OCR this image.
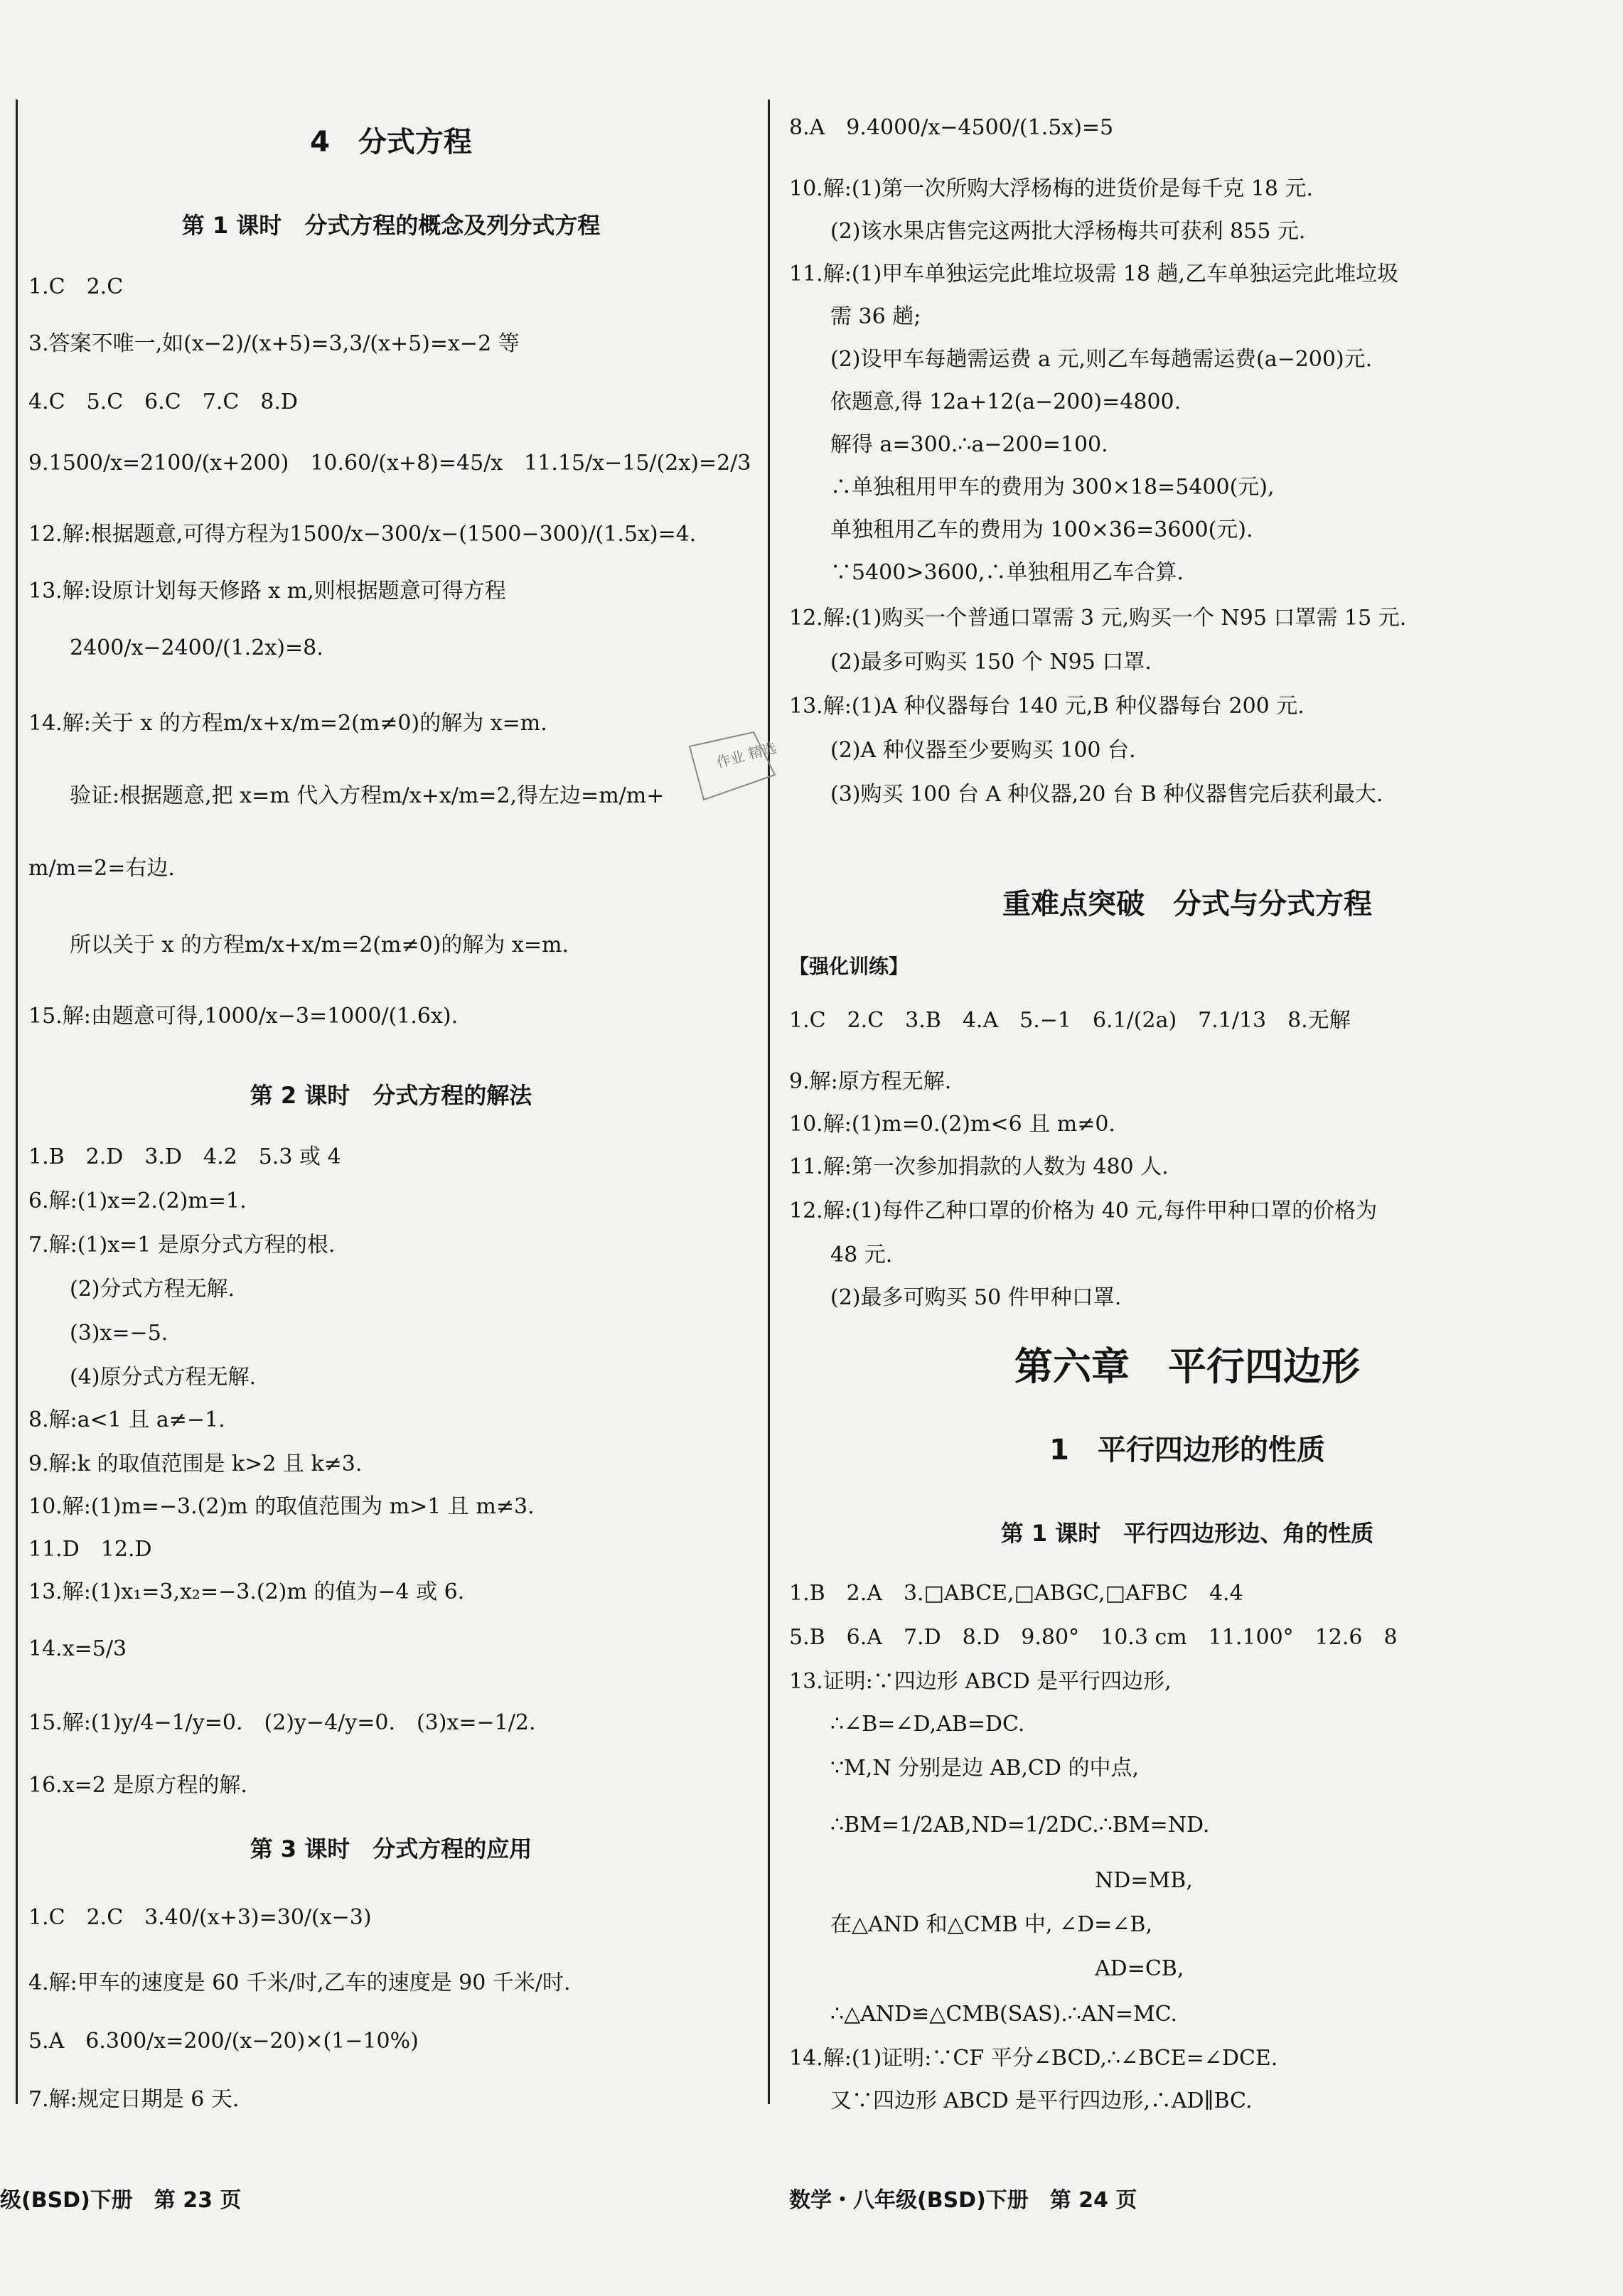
4　分式方程
第 1 课时　分式方程的概念及列分式方程
1.C　2.C
3.答案不唯一,如(x−2)/(x+5)=3,3/(x+5)=x−2 等
4.C　5.C　6.C　7.C　8.D
9.1500/x=2100/(x+200)　10.60/(x+8)=45/x　11.15/x−15/(2x)=2/3
12.解:根据题意,可得方程为1500/x−300/x−(1500−300)/(1.5x)=4.
13.解:设原计划每天修路 x m,则根据题意可得方程
2400/x−2400/(1.2x)=8.
14.解:关于 x 的方程m/x+x/m=2(m≠0)的解为 x=m.
验证:根据题意,把 x=m 代入方程m/x+x/m=2,得左边=m/m+
m/m=2=右边.
所以关于 x 的方程m/x+x/m=2(m≠0)的解为 x=m.
15.解:由题意可得,1000/x−3=1000/(1.6x).
第 2 课时　分式方程的解法
1.B　2.D　3.D　4.2　5.3 或 4
6.解:(1)x=2.(2)m=1.
7.解:(1)x=1 是原分式方程的根.
(2)分式方程无解.
(3)x=−5.
(4)原分式方程无解.
8.解:a<1 且 a≠−1.
9.解:k 的取值范围是 k>2 且 k≠3.
10.解:(1)m=−3.(2)m 的取值范围为 m>1 且 m≠3.
11.D　12.D
13.解:(1)x₁=3,x₂=−3.(2)m 的值为−4 或 6.
14.x=5/3
15.解:(1)y/4−1/y=0.　(2)y−4/y=0.　(3)x=−1/2.
16.x=2 是原方程的解.
第 3 课时　分式方程的应用
1.C　2.C　3.40/(x+3)=30/(x−3)
4.解:甲车的速度是 60 千米/时,乙车的速度是 90 千米/时.
5.A　6.300/x=200/(x−20)×(1−10%)
7.解:规定日期是 6 天.
级(BSD)下册　第 23 页
作业 精选
8.A　9.4000/x−4500/(1.5x)=5
10.解:(1)第一次所购大浮杨梅的进货价是每千克 18 元.
(2)该水果店售完这两批大浮杨梅共可获利 855 元.
11.解:(1)甲车单独运完此堆垃圾需 18 趟,乙车单独运完此堆垃圾
需 36 趟;
(2)设甲车每趟需运费 a 元,则乙车每趟需运费(a−200)元.
依题意,得 12a+12(a−200)=4800.
解得 a=300.∴a−200=100.
∴单独租用甲车的费用为 300×18=5400(元),
单独租用乙车的费用为 100×36=3600(元).
∵5400>3600,∴单独租用乙车合算.
12.解:(1)购买一个普通口罩需 3 元,购买一个 N95 口罩需 15 元.
(2)最多可购买 150 个 N95 口罩.
13.解:(1)A 种仪器每台 140 元,B 种仪器每台 200 元.
(2)A 种仪器至少要购买 100 台.
(3)购买 100 台 A 种仪器,20 台 B 种仪器售完后获利最大.
重难点突破　分式与分式方程
【强化训练】
1.C　2.C　3.B　4.A　5.−1　6.1/(2a)　7.1/13　8.无解
9.解:原方程无解.
10.解:(1)m=0.(2)m<6 且 m≠0.
11.解:第一次参加捐款的人数为 480 人.
12.解:(1)每件乙种口罩的价格为 40 元,每件甲种口罩的价格为
48 元.
(2)最多可购买 50 件甲种口罩.
第六章　平行四边形
1　平行四边形的性质
第 1 课时　平行四边形边、角的性质
1.B　2.A　3.□ABCE,□ABGC,□AFBC　4.4
5.B　6.A　7.D　8.D　9.80°　10.3 cm　11.100°　12.6　8
13.证明:∵四边形 ABCD 是平行四边形,
∴∠B=∠D,AB=DC.
∵M,N 分别是边 AB,CD 的中点,
∴BM=1/2AB,ND=1/2DC.∴BM=ND.
ND=MB,
在△AND 和△CMB 中, ∠D=∠B,
AD=CB,
∴△AND≌△CMB(SAS).∴AN=MC.
14.解:(1)证明:∵CF 平分∠BCD,∴∠BCE=∠DCE.
又∵四边形 ABCD 是平行四边形,∴AD∥BC.
数学・八年级(BSD)下册　第 24 页
